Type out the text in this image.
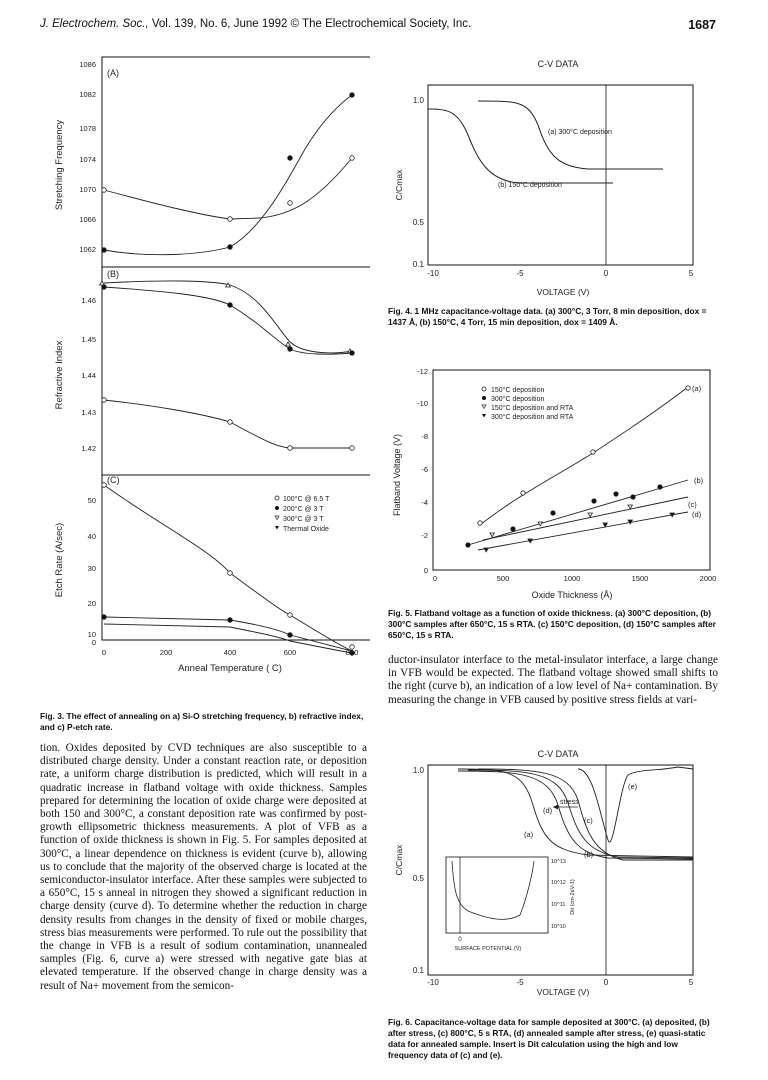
J. Electrochem. Soc., Vol. 139, No. 6, June 1992 © The Electrochemical Society, Inc.	1687
(A)
(B)
(C)
1086
1082
1078
1074
1070
1066
1062
Stretching Frequency
1.46
1.45
1.44
1.43
1.42
Refractive Index
50
40
30
20
10
0
Etch Rate (A/sec)
100°C @ 6.5 T
200°C @ 3 T
300°C @ 3 T
Thermal Oxide
0	200	400	600	800
Anneal Temperature ( C)
Fig. 3. The effect of annealing on a) Si-O stretching frequency, b) refractive index, and c) P-etch rate.
C-V DATA
1.0
0.5
0.1
C/Cmax
(a) 300°C deposition
(b) 150°C deposition
-10	-5	0	5
VOLTAGE (V)
Fig. 4. 1 MHz capacitance-voltage data. (a) 300°C, 3 Torr, 8 min deposition, dox = 1437 Å, (b) 150°C, 4 Torr, 15 min deposition, dox = 1409 Å.
-12
-10
-8
-6
-4
-2
0
Flatband Voltage (V)
(a)
(b)
(c)
(d)
150°C deposition
300°C deposition
150°C deposition and RTA
300°C deposition and RTA
0	500	1000	1500	2000
Oxide Thickness (Å)
Fig. 5. Flatband voltage as a function of oxide thickness. (a) 300°C deposition, (b) 300°C samples after 650°C, 15 s RTA. (c) 150°C deposition, (d) 150°C samples after 650°C, 15 s RTA.

ductor-insulator interface to the metal-insulator interface, a large change in VFB would be expected. The flatband voltage showed small shifts to the right (curve b), an indication of a low level of Na+ contamination. By measuring the change in VFB caused by positive stress fields at vari-

tion. Oxides deposited by CVD techniques are also susceptible to a distributed charge density. Under a constant reaction rate, or deposition rate, a uniform charge distribution is predicted, which will result in a quadratic increase in flatband voltage with oxide thickness. Samples prepared for determining the location of oxide charge were deposited at both 150 and 300°C, a constant deposition rate was confirmed by post-growth ellipsometric thickness measurements. A plot of VFB as a function of oxide thickness is shown in Fig. 5. For samples deposited at 300°C, a linear dependence on thickness is evident (curve b), allowing us to conclude that the majority of the observed charge is located at the semiconductor-insulator interface. After these samples were subjected to a 650°C, 15 s anneal in nitrogen they showed a significant reduction in charge density (curve d). To determine whether the reduction in charge density results from changes in the density of fixed or mobile charges, stress bias measurements were performed. To rule out the possibility that the change in VFB is a result of sodium contamination, unannealed samples (Fig. 6, curve a) were stressed with negative gate bias at elevated temperature. If the observed change in charge density was a result of Na+ movement from the semicon-

C-V DATA
1.0
0.5
0.1
C/Cmax
stress
(a)
(b)
(c)
(d)
(e)
0
SURFACE POTENTIAL (V)
10^13
10^12
10^11
10^10
Dit (cm-2eV-1)
-10	-5	0	5
VOLTAGE (V)
Fig. 6. Capacitance-voltage data for sample deposited at 300°C. (a) deposited, (b) after stress, (c) 800°C, 5 s RTA, (d) annealed sample after stress, (e) quasi-static data for annealed sample. Insert is Dit calculation using the high and low frequency data of (c) and (e).
